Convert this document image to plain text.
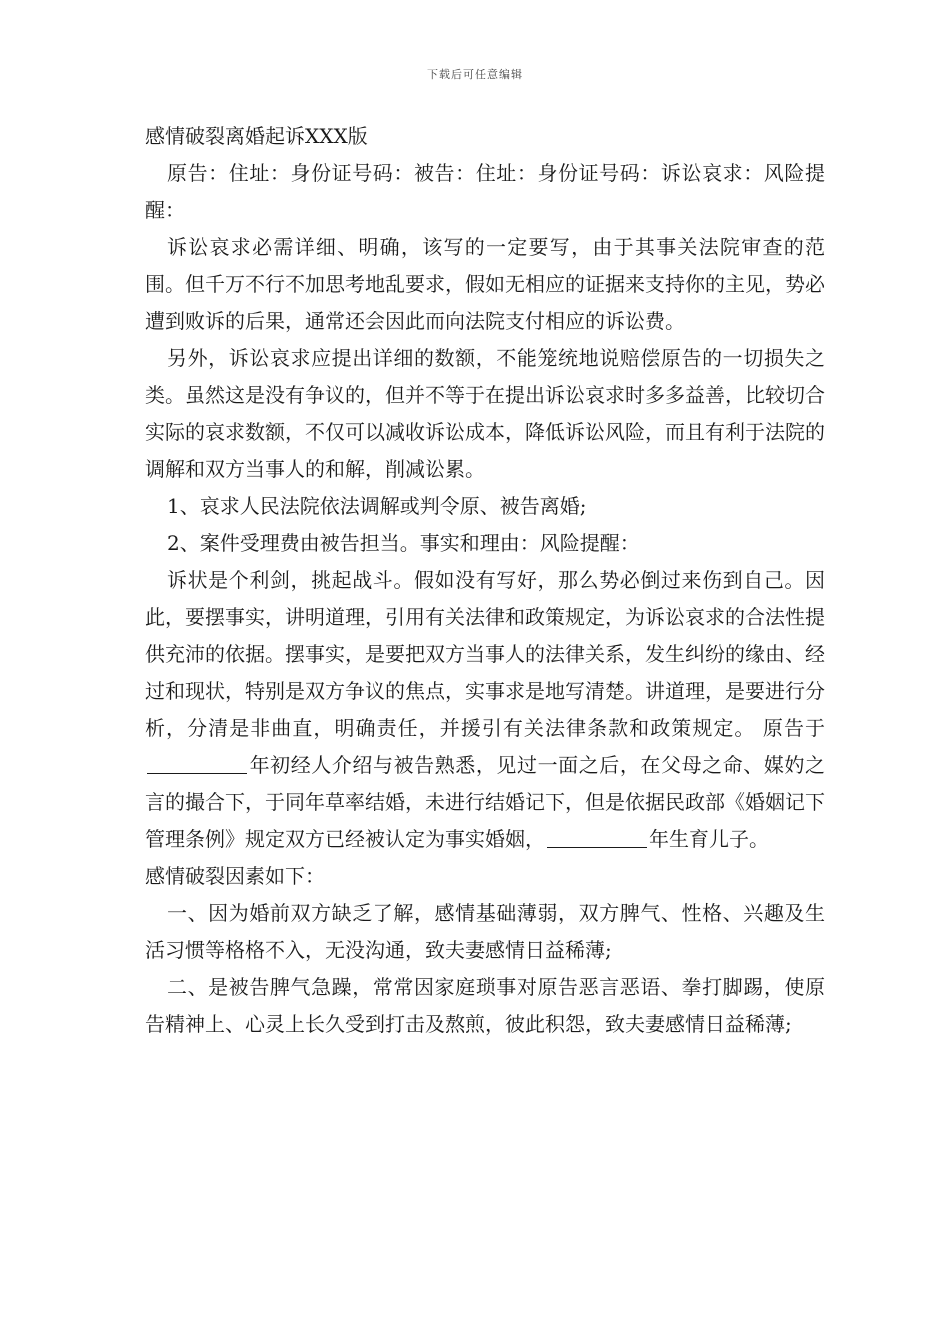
下载后可任意编辑

感情破裂离婚起诉XXX版

原告：住址：身份证号码：被告：住址：身份证号码：诉讼哀求：风险提醒：

诉讼哀求必需详细、明确，该写的一定要写，由于其事关法院审查的范围。但千万不行不加思考地乱要求，假如无相应的证据来支持你的主见，势必遭到败诉的后果，通常还会因此而向法院支付相应的诉讼费。

另外，诉讼哀求应提出详细的数额，不能笼统地说赔偿原告的一切损失之类。虽然这是没有争议的，但并不等于在提出诉讼哀求时多多益善，比较切合实际的哀求数额，不仅可以减收诉讼成本，降低诉讼风险，而且有利于法院的调解和双方当事人的和解，削减讼累。

1、哀求人民法院依法调解或判令原、被告离婚;

2、案件受理费由被告担当。事实和理由：风险提醒：

诉状是个利剑，挑起战斗。假如没有写好，那么势必倒过来伤到自己。因此，要摆事实，讲明道理，引用有关法律和政策规定，为诉讼哀求的合法性提供充沛的依据。摆事实，是要把双方当事人的法律关系，发生纠纷的缘由、经过和现状，特别是双方争议的焦点，实事求是地写清楚。讲道理，是要进行分析，分清是非曲直，明确责任，并援引有关法律条款和政策规定。 原告于年初经人介绍与被告熟悉，见过一面之后，在父母之命、媒妁之言的撮合下，于同年草率结婚，未进行结婚记下，但是依据民政部《婚姻记下管理条例》规定双方已经被认定为事实婚姻，	年生育儿子。

感情破裂因素如下：

一、因为婚前双方缺乏了解，感情基础薄弱，双方脾气、性格、兴趣及生活习惯等格格不入，无没沟通，致夫妻感情日益稀薄;

二、是被告脾气急躁，常常因家庭琐事对原告恶言恶语、拳打脚踢，使原告精神上、心灵上长久受到打击及熬煎，彼此积怨，致夫妻感情日益稀薄;
